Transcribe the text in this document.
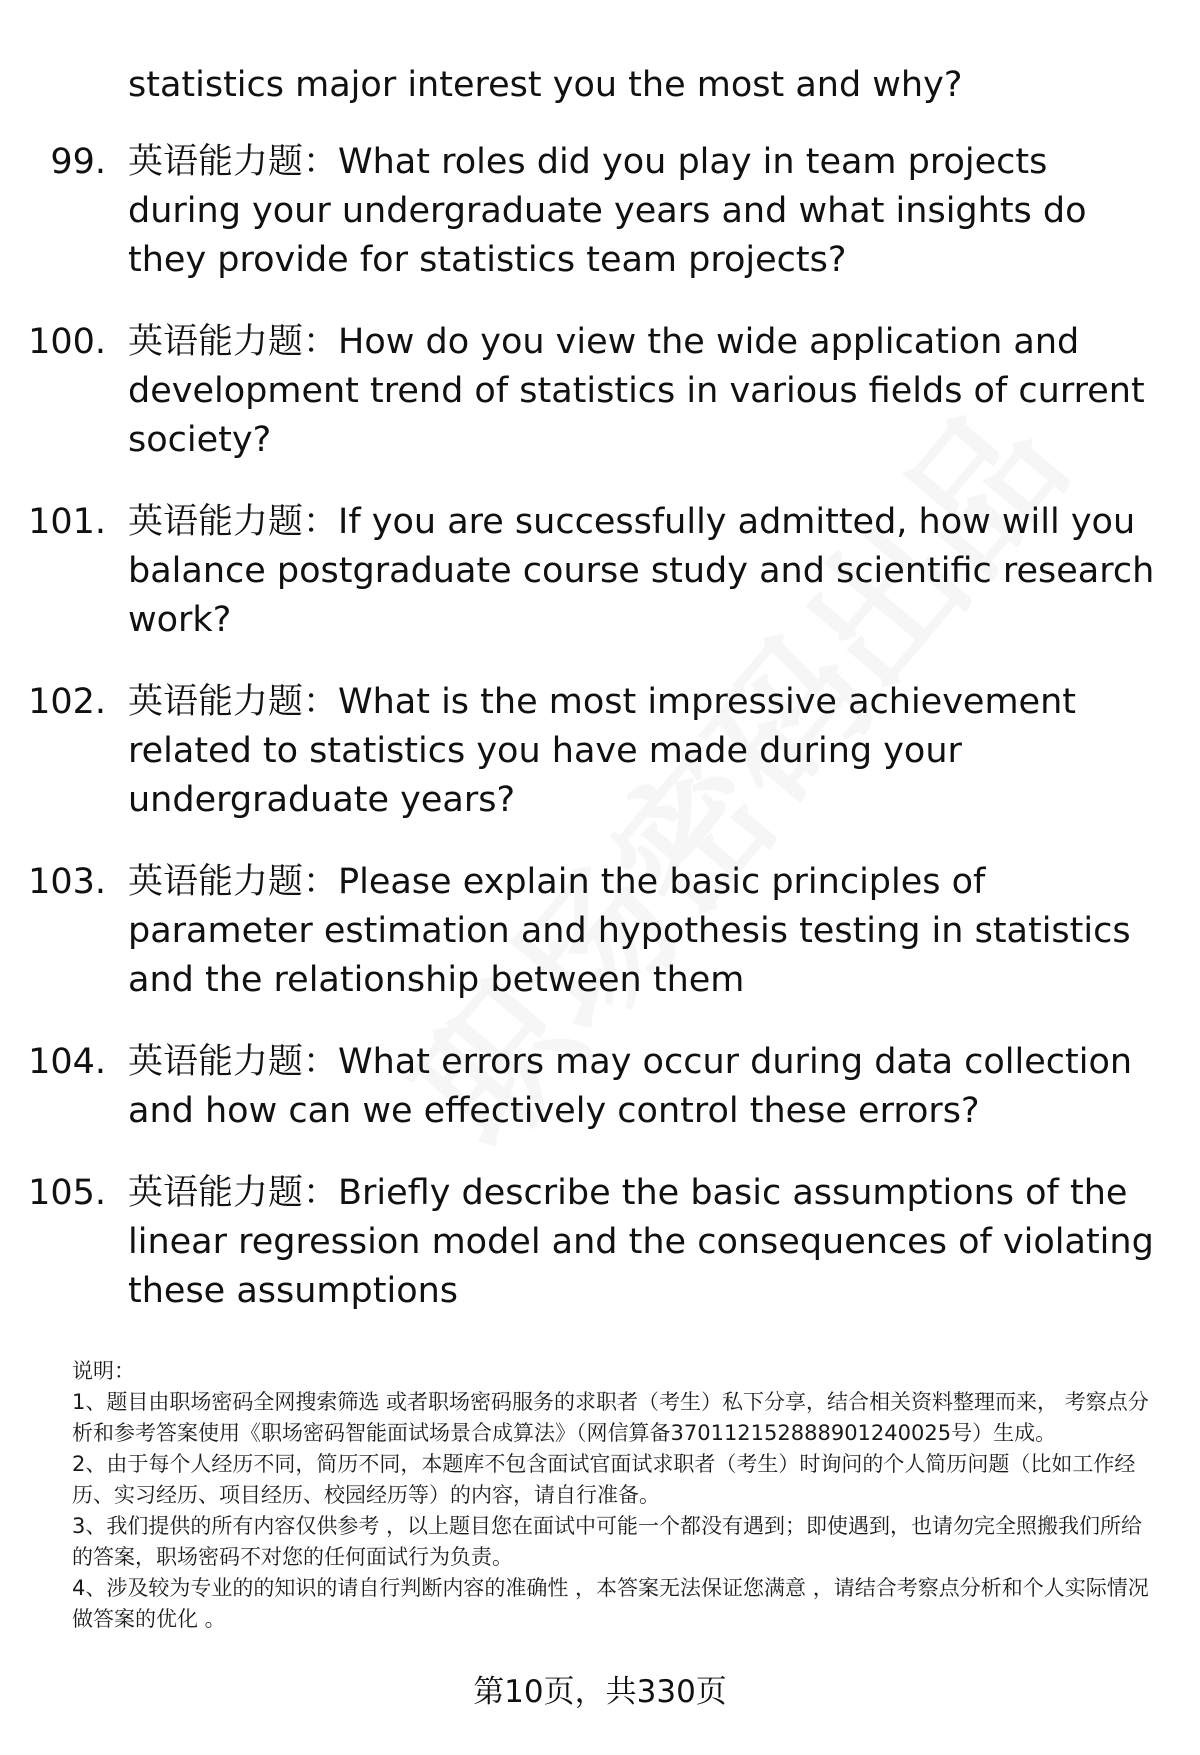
statistics major interest you the most and why?

99. 英语能力题：What roles did you play in team projects during your undergraduate years and what insights do they provide for statistics team projects?
100. 英语能力题：How do you view the wide application and development trend of statistics in various fields of current society?
101. 英语能力题：If you are successfully admitted, how will you balance postgraduate course study and scientific research work?
102. 英语能力题：What is the most impressive achievement related to statistics you have made during your undergraduate years?
103. 英语能力题：Please explain the basic principles of parameter estimation and hypothesis testing in statistics and the relationship between them
104. 英语能力题：What errors may occur during data collection and how can we effectively control these errors?
105. 英语能力题：Briefly describe the basic assumptions of the linear regression model and the consequences of violating these assumptions

说明：

1、题目由职场密码全网搜索筛选 或者职场密码服务的求职者（考生）私下分享，结合相关资料整理而来， 考察点分析和参考答案使用《职场密码智能面试场景合成算法》（网信算备370112152888901240025号）生成。

2、由于每个人经历不同，简历不同，本题库不包含面试官面试求职者（考生）时询问的个人简历问题（比如工作经历、实习经历、项目经历、校园经历等）的内容，请自行准备。

3、我们提供的所有内容仅供参考 ，以上题目您在面试中可能一个都没有遇到；即使遇到，也请勿完全照搬我们所给的答案，职场密码不对您的任何面试行为负责。

4、涉及较为专业的的知识的请自行判断内容的准确性 ，本答案无法保证您满意 ，请结合考察点分析和个人实际情况做答案的优化 。

第10页，共330页
